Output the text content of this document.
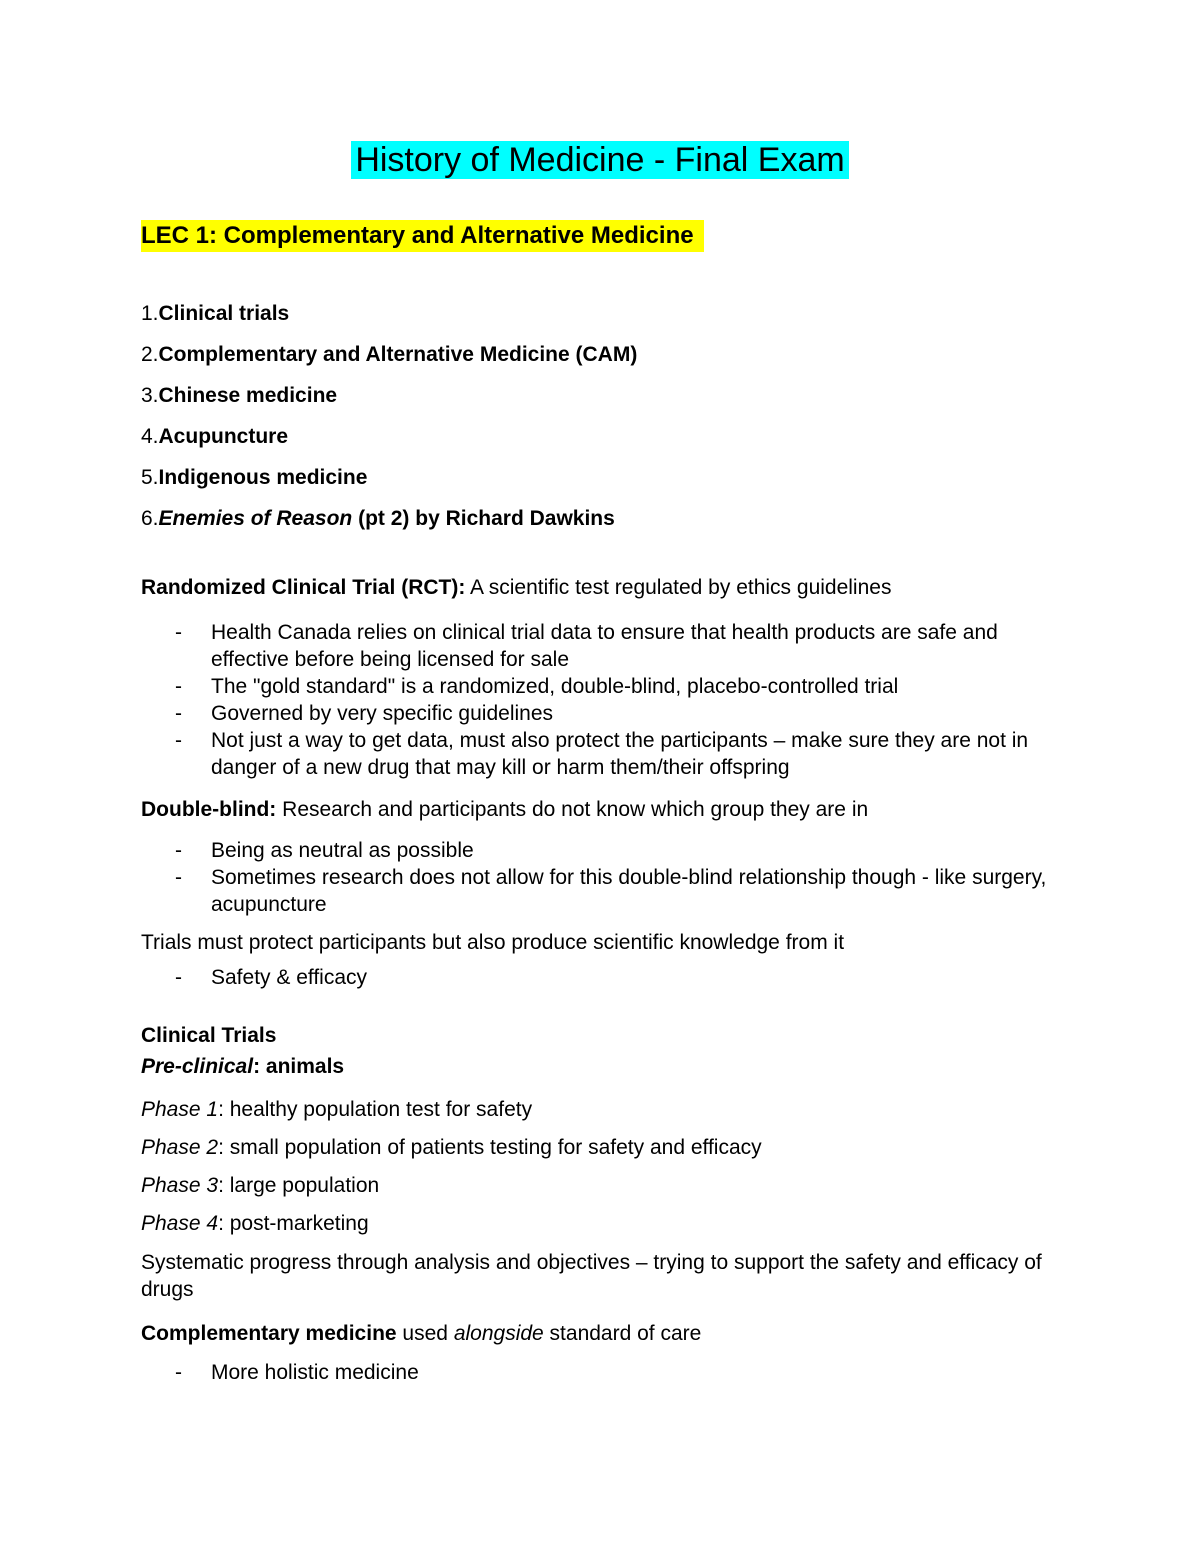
History of Medicine - Final Exam
LEC 1: Complementary and Alternative Medicine
1.Clinical trials
2.Complementary and Alternative Medicine (CAM)
3.Chinese medicine
4.Acupuncture
5.Indigenous medicine
6.Enemies of Reason (pt 2) by Richard Dawkins
Randomized Clinical Trial (RCT): A scientific test regulated by ethics guidelines
- Health Canada relies on clinical trial data to ensure that health products are safe and effective before being licensed for sale
- The "gold standard" is a randomized, double-blind, placebo-controlled trial
- Governed by very specific guidelines
- Not just a way to get data, must also protect the participants – make sure they are not in danger of a new drug that may kill or harm them/their offspring
Double-blind: Research and participants do not know which group they are in
- Being as neutral as possible
- Sometimes research does not allow for this double-blind relationship though - like surgery, acupuncture
Trials must protect participants but also produce scientific knowledge from it
- Safety & efficacy
Clinical Trials
Pre-clinical: animals
Phase 1: healthy population test for safety
Phase 2: small population of patients testing for safety and efficacy
Phase 3: large population
Phase 4: post-marketing
Systematic progress through analysis and objectives – trying to support the safety and efficacy of drugs
Complementary medicine used alongside standard of care
- More holistic medicine
